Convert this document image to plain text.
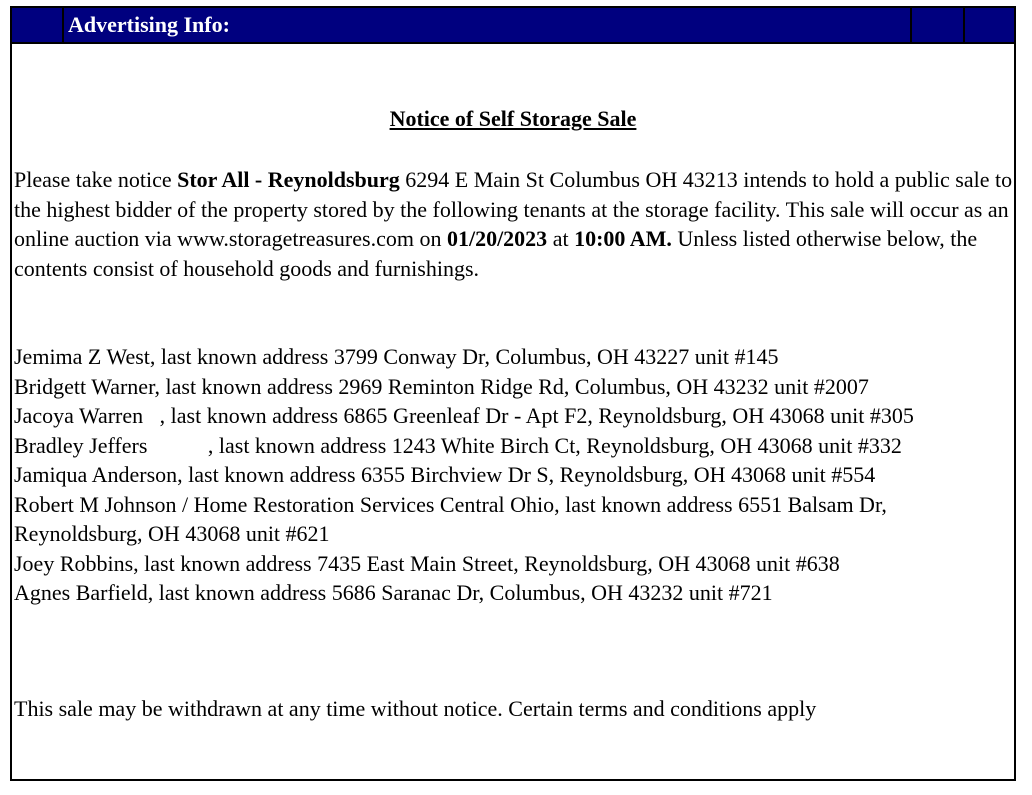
Advertising Info:
Notice of Self Storage Sale

Please take notice Stor All - Reynoldsburg 6294 E Main St Columbus OH 43213 intends to hold a public sale to the highest bidder of the property stored by the following tenants at the storage facility. This sale will occur as an online auction via www.storagetreasures.com on 01/20/2023 at 10:00 AM. Unless listed otherwise below, the contents consist of household goods and furnishings.

Jemima Z West, last known address 3799 Conway Dr, Columbus, OH 43227 unit #145
Bridgett Warner, last known address 2969 Reminton Ridge Rd, Columbus, OH 43232 unit #2007
Jacoya Warren   , last known address 6865 Greenleaf Dr - Apt F2, Reynoldsburg, OH 43068 unit #305
Bradley Jeffers           , last known address 1243 White Birch Ct, Reynoldsburg, OH 43068 unit #332
Jamiqua Anderson, last known address 6355 Birchview Dr S, Reynoldsburg, OH 43068 unit #554
Robert M Johnson / Home Restoration Services Central Ohio, last known address 6551 Balsam Dr, Reynoldsburg, OH 43068 unit #621
Joey Robbins, last known address 7435 East Main Street, Reynoldsburg, OH 43068 unit #638
Agnes Barfield, last known address 5686 Saranac Dr, Columbus, OH 43232 unit #721
This sale may be withdrawn at any time without notice. Certain terms and conditions apply
